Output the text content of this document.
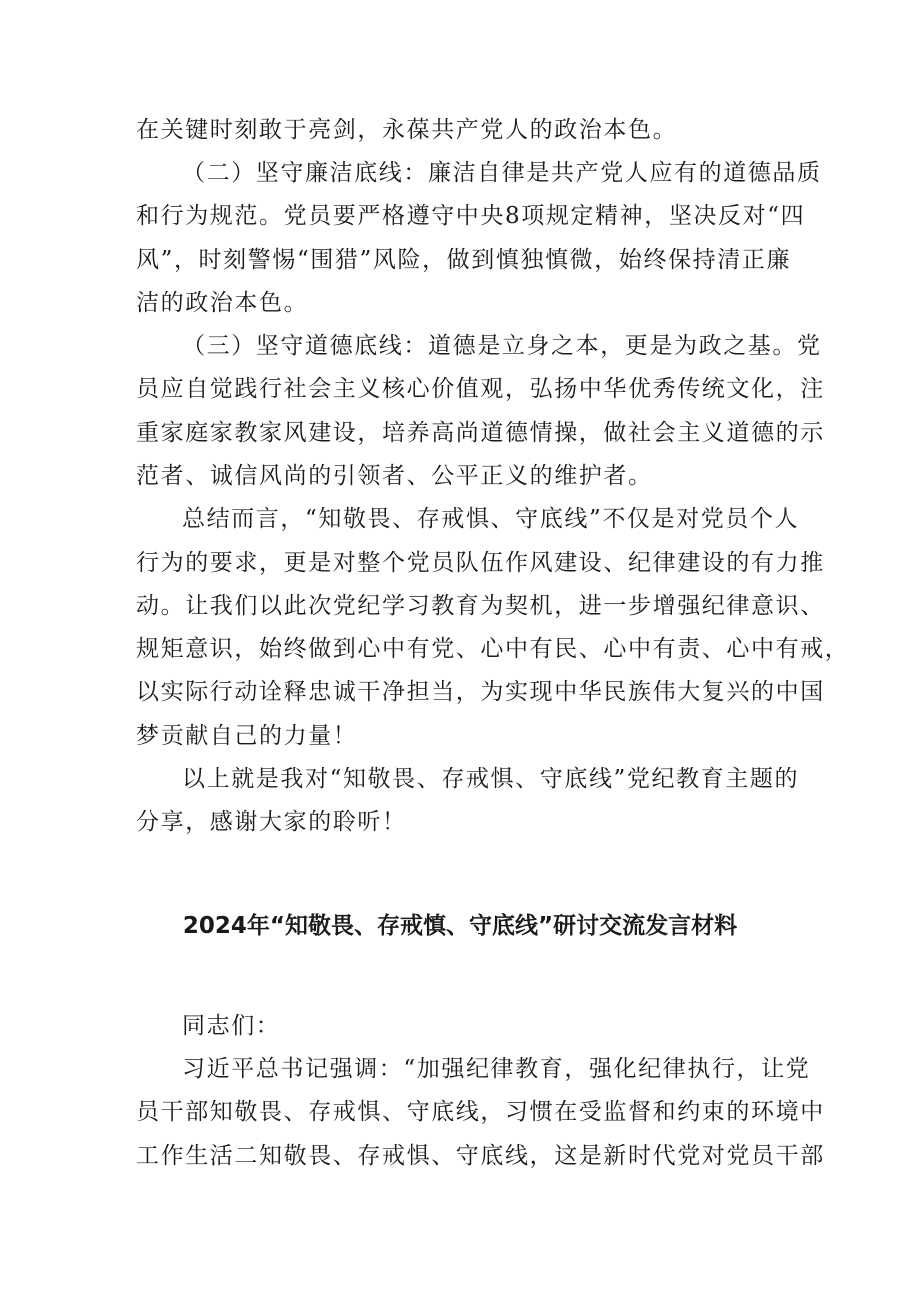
在关键时刻敢于亮剑，永葆共产党人的政治本色。
（二）坚守廉洁底线：廉洁自律是共产党人应有的道德品质
和行为规范。党员要严格遵守中央8项规定精神，坚决反对“四
风”，时刻警惕“围猎”风险，做到慎独慎微，始终保持清正廉
洁的政治本色。
（三）坚守道德底线：道德是立身之本，更是为政之基。党
员应自觉践行社会主义核心价值观，弘扬中华优秀传统文化，注
重家庭家教家风建设，培养高尚道德情操，做社会主义道德的示
范者、诚信风尚的引领者、公平正义的维护者。
总结而言，“知敬畏、存戒惧、守底线”不仅是对党员个人
行为的要求，更是对整个党员队伍作风建设、纪律建设的有力推
动。让我们以此次党纪学习教育为契机，进一步增强纪律意识、
规矩意识，始终做到心中有党、心中有民、心中有责、心中有戒，
以实际行动诠释忠诚干净担当，为实现中华民族伟大复兴的中国
梦贡献自己的力量！
以上就是我对“知敬畏、存戒惧、守底线”党纪教育主题的
分享，感谢大家的聆听！
2024年“知敬畏、存戒慎、守底线”研讨交流发言材料
同志们：
习近平总书记强调：“加强纪律教育，强化纪律执行，让党
员干部知敬畏、存戒惧、守底线，习惯在受监督和约束的环境中
工作生活二知敬畏、存戒惧、守底线，这是新时代党对党员干部
